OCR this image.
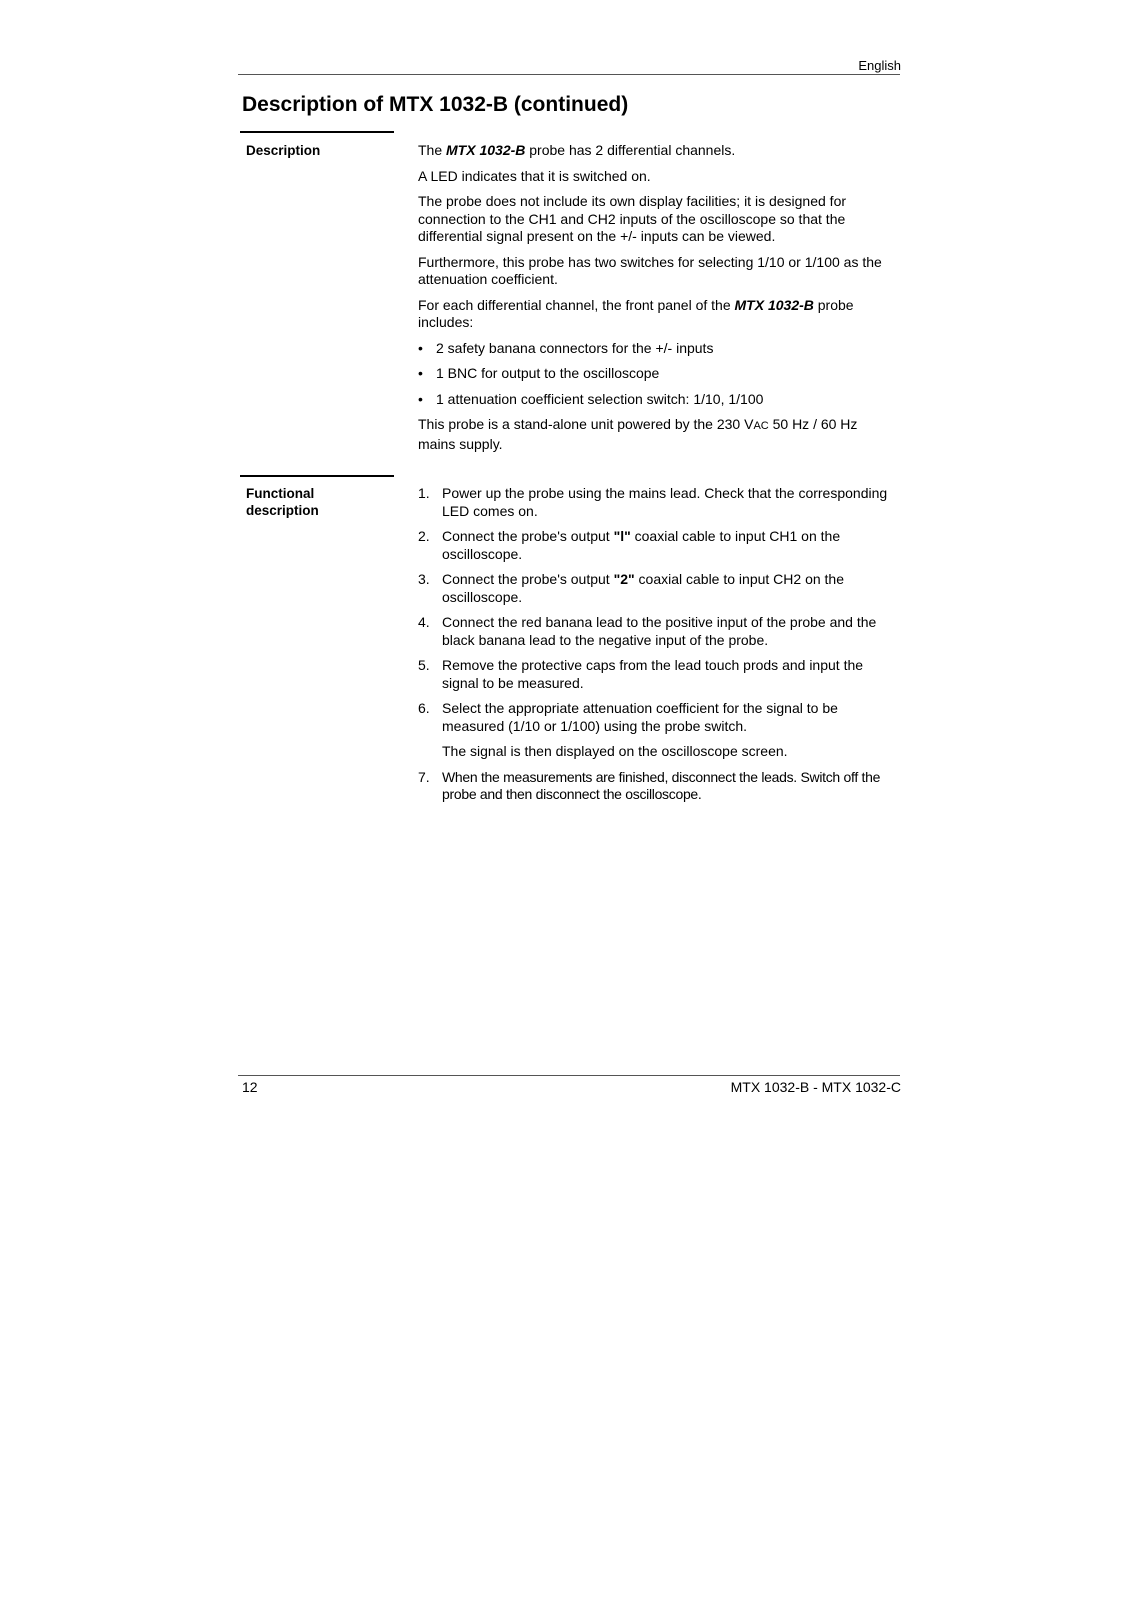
English
Description of MTX 1032-B (continued)
Description	The MTX 1032-B probe has 2 differential channels.

A LED indicates that it is switched on.

The probe does not include its own display facilities; it is designed for connection to the CH1 and CH2 inputs of the oscilloscope so that the differential signal present on the +/- inputs can be viewed.

Furthermore, this probe has two switches for selecting 1/10 or 1/100 as the attenuation coefficient.

For each differential channel, the front panel of the MTX 1032-B probe includes:

• 2 safety banana connectors for the +/- inputs
• 1 BNC for output to the oscilloscope
• 1 attenuation coefficient selection switch: 1/10, 1/100

This probe is a stand-alone unit powered by the 230 VAC 50 Hz / 60 Hz mains supply.

Functional
description
1. Power up the probe using the mains lead. Check that the corresponding LED comes on.
2. Connect the probe's output "l" coaxial cable to input CH1 on the oscilloscope.
3. Connect the probe's output "2" coaxial cable to input CH2 on the oscilloscope.
4. Connect the red banana lead to the positive input of the probe and the black banana lead to the negative input of the probe.
5. Remove the protective caps from the lead touch prods and input the signal to be measured.
6. Select the appropriate attenuation coefficient for the signal to be measured (1/10 or 1/100) using the probe switch.
The signal is then displayed on the oscilloscope screen.
7. When the measurements are finished, disconnect the leads. Switch off the probe and then disconnect the oscilloscope.
12	MTX 1032-B - MTX 1032-C
